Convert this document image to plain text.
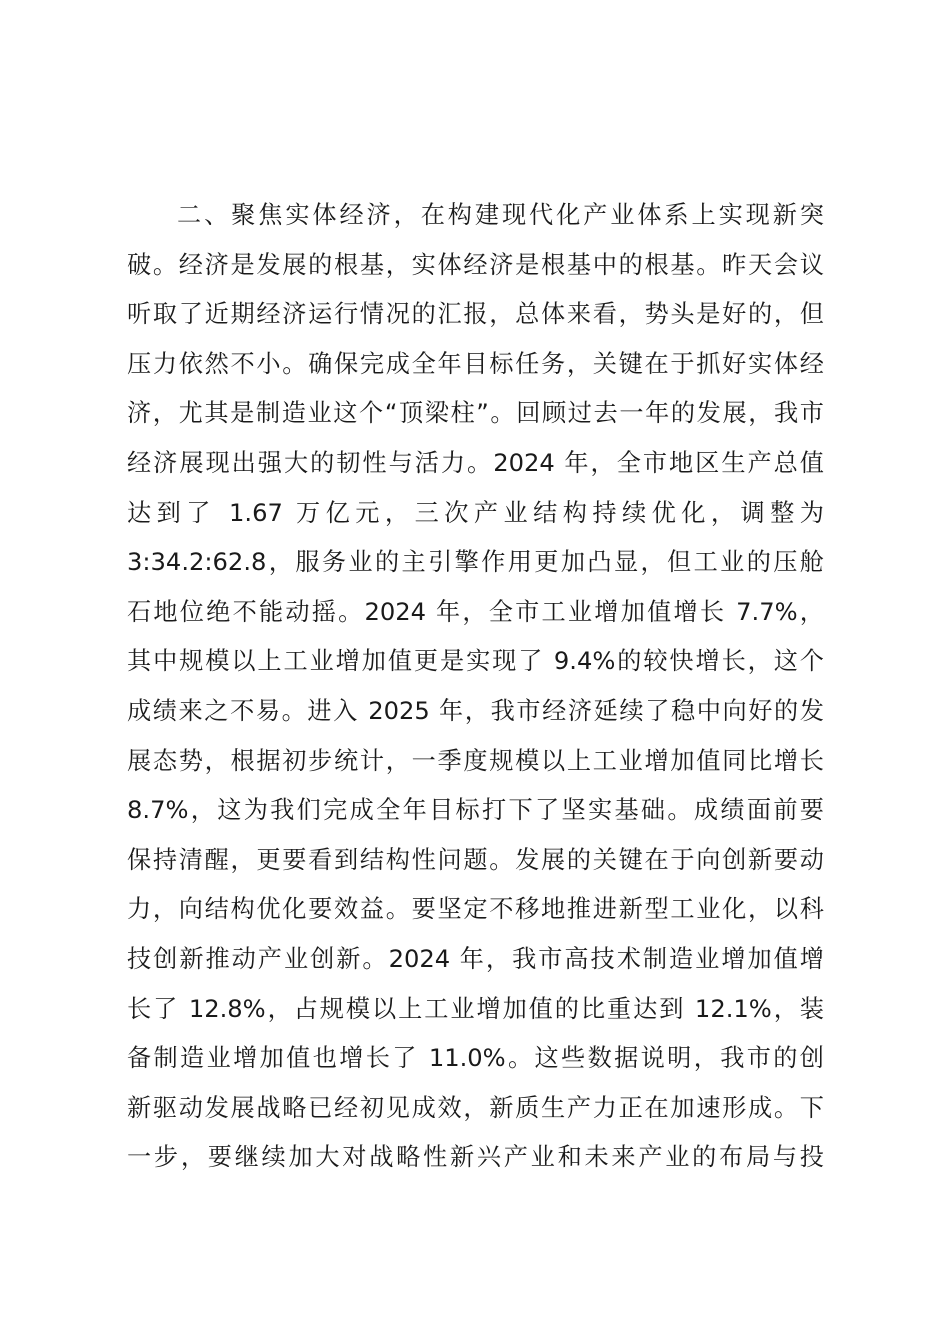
二、聚焦实体经济，在构建现代化产业体系上实现新突
破。经济是发展的根基，实体经济是根基中的根基。昨天会议
听取了近期经济运行情况的汇报，总体来看，势头是好的，但
压力依然不小。确保完成全年目标任务，关键在于抓好实体经
济，尤其是制造业这个“顶梁柱”。回顾过去一年的发展，我市
经济展现出强大的韧性与活力。2024 年，全市地区生产总值
达到了 1.67 万亿元，三次产业结构持续优化，调整为
3:34.2:62.8，服务业的主引擎作用更加凸显，但工业的压舱
石地位绝不能动摇。2024 年，全市工业增加值增长 7.7%，
其中规模以上工业增加值更是实现了 9.4%的较快增长，这个
成绩来之不易。进入 2025 年，我市经济延续了稳中向好的发
展态势，根据初步统计，一季度规模以上工业增加值同比增长
8.7%，这为我们完成全年目标打下了坚实基础。成绩面前要
保持清醒，更要看到结构性问题。发展的关键在于向创新要动
力，向结构优化要效益。要坚定不移地推进新型工业化，以科
技创新推动产业创新。2024 年，我市高技术制造业增加值增
长了 12.8%，占规模以上工业增加值的比重达到 12.1%，装
备制造业增加值也增长了 11.0%。这些数据说明，我市的创
新驱动发展战略已经初见成效，新质生产力正在加速形成。下
一步，要继续加大对战略性新兴产业和未来产业的布局与投
